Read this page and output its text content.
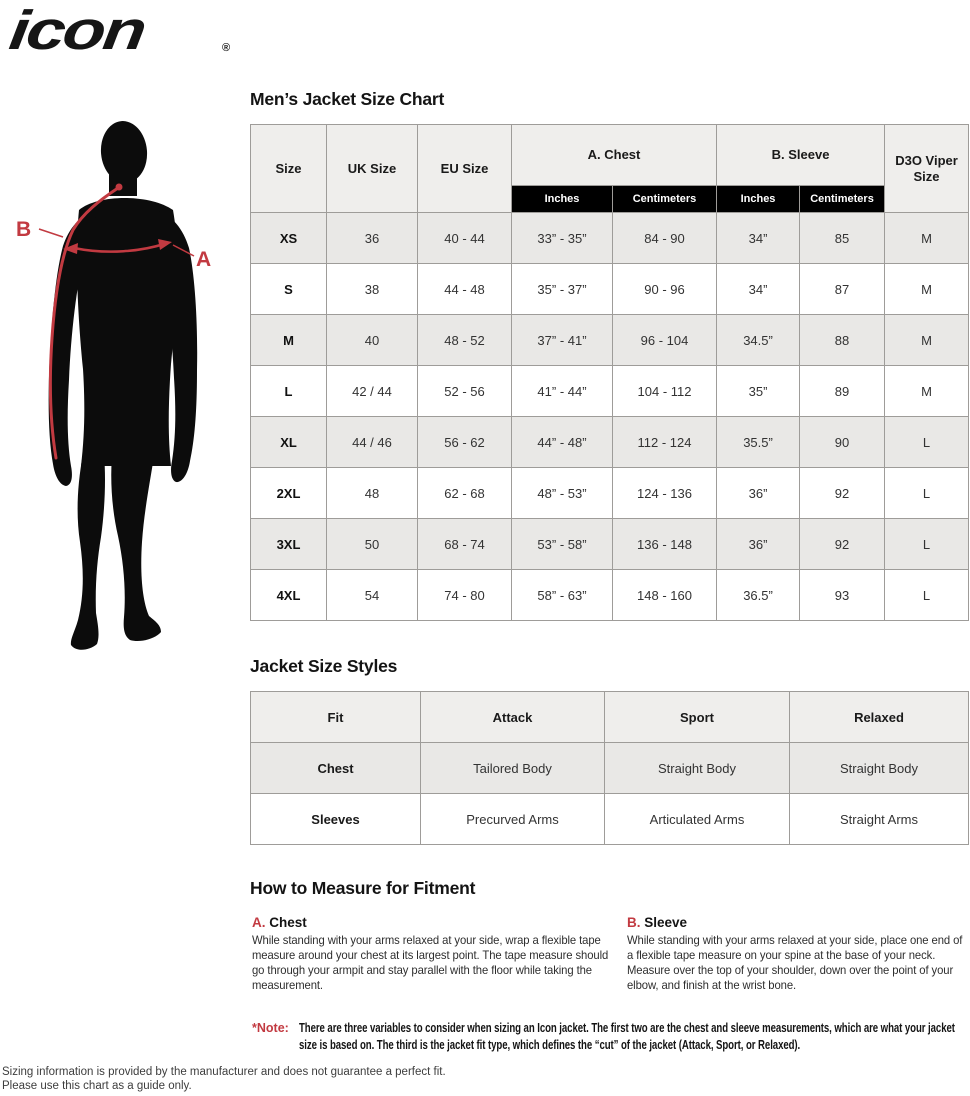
icon	®
B
A
Men’s Jacket Size Chart
Size	UK Size	EU Size	A. Chest		B. Sleeve		D3O Viper Size
			Inches	Centimeters	Inches	Centimeters	
XS	36	40 - 44	33” - 35”	84 - 90	34”	85	M
S	38	44 - 48	35” - 37”	90 - 96	34”	87	M
M	40	48 - 52	37” - 41”	96 - 104	34.5”	88	M
L	42 / 44	52 - 56	41” - 44”	104 - 112	35”	89	M
XL	44 / 46	56 - 62	44” - 48”	112 - 124	35.5”	90	L
2XL	48	62 - 68	48” - 53”	124 - 136	36”	92	L
3XL	50	68 - 74	53” - 58”	136 - 148	36”	92	L
4XL	54	74 - 80	58” - 63”	148 - 160	36.5”	93	L
Jacket Size Styles
Fit	Attack	Sport	Relaxed
Chest	Tailored Body	Straight Body	Straight Body
Sleeves	Precurved Arms	Articulated Arms	Straight Arms
How to Measure for Fitment
A. Chest
While standing with your arms relaxed at your side, wrap a flexible tape measure around your chest at its largest point. The tape measure should go through your armpit and stay parallel with the floor while taking the measurement.
B. Sleeve
While standing with your arms relaxed at your side, place one end of a flexible tape measure on your spine at the base of your neck. Measure over the top of your shoulder, down over the point of your elbow, and finish at the wrist bone.
*Note: There are three variables to consider when sizing an Icon jacket. The first two are the chest and sleeve measurements, which are what your jacket size is based on. The third is the jacket fit type, which defines the “cut” of the jacket (Attack, Sport, or Relaxed).
Sizing information is provided by the manufacturer and does not guarantee a perfect fit.
Please use this chart as a guide only.
